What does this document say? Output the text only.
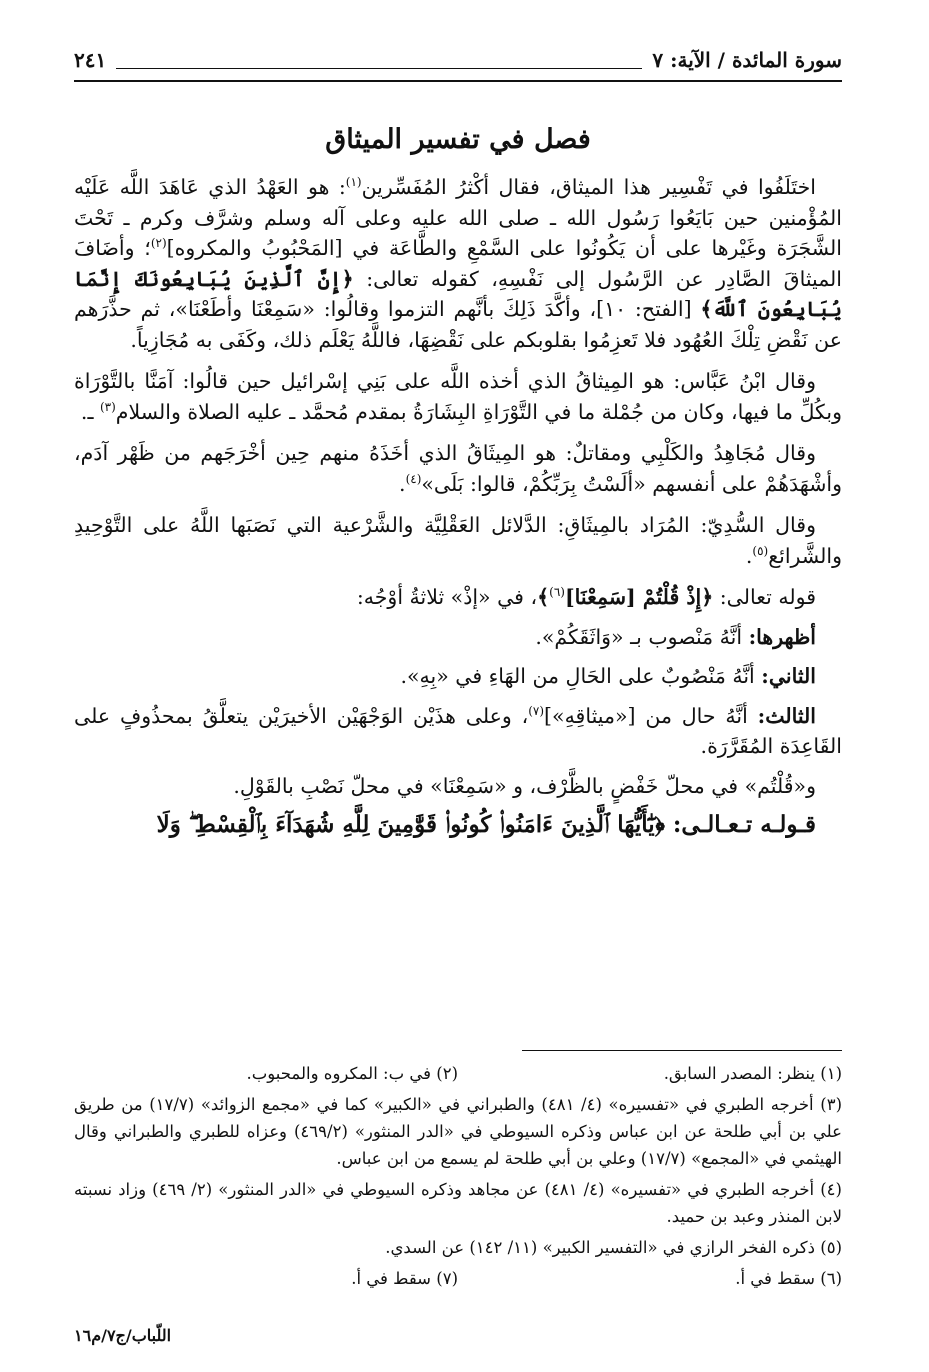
سورة المائدة / الآية: ٧
٢٤١
فصل في تفسير الميثاق

اختَلَفُوا في تَفْسِير هذا الميثاق، فقال أكْثرُ المُفَسِّرين$^{(١)}$: هو العَهْدُ الذي عَاهَدَ اللَّه عَلَيْه المُؤْمنين حين بَايَعُوا رَسُول الله ـ صلى الله عليه وعلى آله وسلم وشرَّف وكرم ـ تَحْتَ الشَّجَرَة وغَيْرها على أن يَكُونُوا على السَّمْعِ والطَّاعَة في [المَحْبُوبُ والمكروه]$^{(٢)}$؛ وأضَافَ الميثاقَ الصَّادِر عن الرَّسُول إلى نَفْسِهِ، كقوله تعالى: ﴿إِنَّ ٱلَّذِينَ يُبَايِعُونَكَ إِنَّمَا يُبَايِعُونَ ٱللَّهَ﴾ [الفتح: ١٠]، وأكَّدَ ذَلِكَ بأنَّهم التزموا وقالُوا: «سَمِعْنَا وأطَعْنَا»، ثم حذَّرَهم عن نَقْضِ تِلْكَ العُهُود فلا تَعزِمُوا بقلوبكم على نَقْضِهَا، فاللَّهُ يَعْلَم ذلك، وكَفَى به مُجَازِياً.

وقال ابْنُ عَبَّاس: هو المِيثاقُ الذي أخذه اللَّه على بَنِي إسْرائيل حين قالُوا: آمَنَّا بالتَّوْرَاة وبكُلِّ ما فيها، وكان من جُمْلة ما في التَّوْرَاةِ البِشَارَةُ بمقدم مُحمَّد ـ عليه الصلاة والسلام$^{(٣)}$ ـ.

وقال مُجَاهِدُ والكَلْبِي ومقاتلٌ: هو المِيثَاقُ الذي أخَذَهُ منهم حِين أخْرَجَهم من ظَهْر آدَم، وأشْهَدَهُمْ على أنفسهم «ألَسْتُ بِرَبِّكُمْ، قالوا: بَلَى»$^{(٤)}$.

وقال السُّدِيّ: المُرَاد بالمِيثَاقِ: الدَّلائل العَقْلِيَّة والشَّرْعية التي نَصَبَها اللَّهُ على التَّوْحِيدِ والشَّرائع$^{(٥)}$.

قوله تعالى: ﴿إِذْ قُلْتُمْ [سَمِعْنَا]$^{(٦)}$﴾، في «إذْ» ثلاثةُ أوْجُه:

أظهرها: أنَّهُ مَنْصوب بـ «وَاثَقَكُمْ».

الثاني: أنَّهُ مَنْصُوبٌ على الحَالِ من الهَاءِ في «بِهِ».

الثالث: أنَّهُ حال من [«ميثاقِهِ»]$^{(٧)}$، وعلى هذَيْن الوَجْهَيْن الأخيرَيْن يتعلَّقُ بمحذُوفٍ على القَاعِدَة المُقَرَّرَة.

و«قُلْتُم» في محلّ خَفْضٍ بالظَّرْف، و «سَمِعْنَا» في محلّ نَصْبِ بالقَوْلِ.

قـولـه تـعـالـى: ﴿يَٰٓأَيُّهَا ٱلَّذِينَ ءَامَنُوا۟ كُونُوا۟ قَوَّٰمِينَ لِلَّهِ شُهَدَآءَ بِٱلْقِسْطِ ۖ وَلَا

(١) ينظر: المصدر السابق.
(٢) في ب: المكروه والمحبوب.
(٣) أخرجه الطبري في «تفسيره» (٤/ ٤٨١) والطبراني في «الكبير» كما في «مجمع الزوائد» (١٧/٧) من طريق علي بن أبي طلحة عن ابن عباس وذكره السيوطي في «الدر المنثور» (٤٦٩/٢) وعزاه للطبري والطبراني وقال الهيثمي في «المجمع» (١٧/٧) وعلي بن أبي طلحة لم يسمع من ابن عباس.
(٤) أخرجه الطبري في «تفسيره» (٤/ ٤٨١) عن مجاهد وذكره السيوطي في «الدر المنثور» (٢/ ٤٦٩) وزاد نسبته لابن المنذر وعبد بن حميد.
(٥) ذكره الفخر الرازي في «التفسير الكبير» (١١/ ١٤٢) عن السدي.
(٦) سقط في أ.
(٧) سقط في أ.
اللّباب/ج٧/م١٦
